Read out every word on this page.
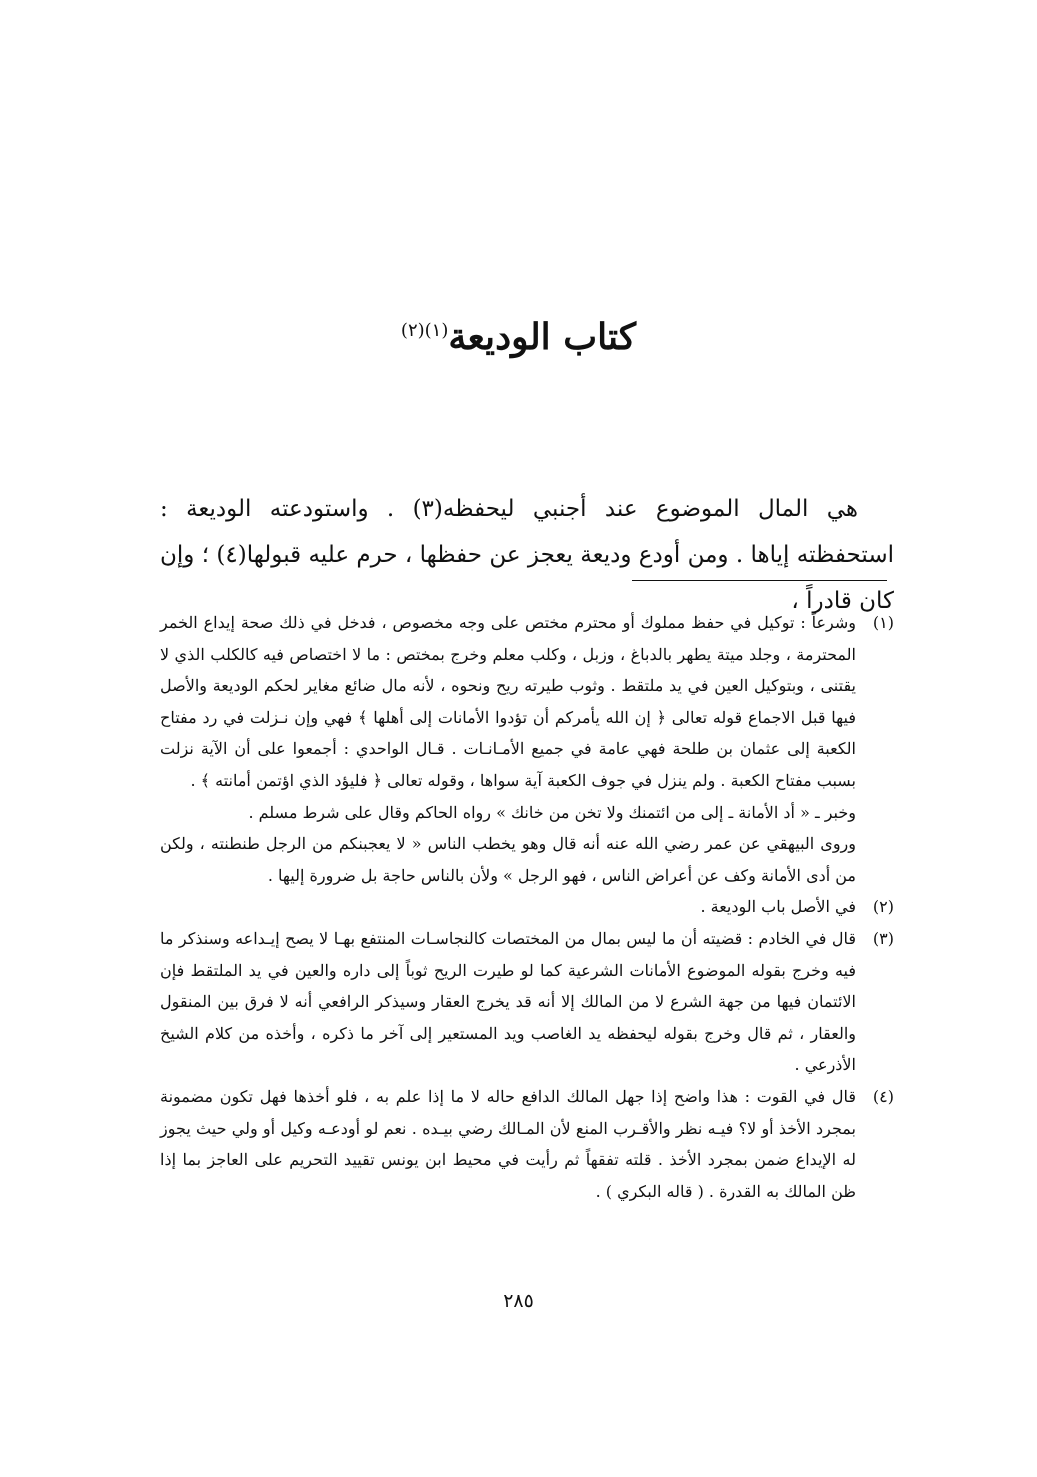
كتاب الوديعة$^{(١)(٢)}$

هي المال الموضوع عند أجنبي ليحفظه(٣) . واستودعته الوديعة : استحفظته إياها . ومن أودع وديعة يعجز عن حفظها ، حرم عليه قبولها(٤) ؛ وإن كان قادراً ،

(١)

وشرعاً : توكيل في حفظ مملوك أو محترم مختص على وجه مخصوص ، فدخل في ذلك صحة إيداع الخمر المحترمة ، وجلد ميتة يطهر بالدباغ ، وزبل ، وكلب معلم وخرج بمختص : ما لا اختصاص فيه كالكلب الذي لا يقتنى ، وبتوكيل العين في يد ملتقط . وثوب طيرته ريح ونحوه ، لأنه مال ضائع مغاير لحكم الوديعة والأصل فيها قبل الاجماع قوله تعالى ﴿ إن الله يأمركم أن تؤدوا الأمانات إلى أهلها ﴾ فهي وإن نـزلت في رد مفتاح الكعبة إلى عثمان بن طلحة فهي عامة في جميع الأمـانـات . قـال الواحدي : أجمعوا على أن الآية نزلت بسبب مفتاح الكعبة . ولم ينزل في جوف الكعبة آية سواها ، وقوله تعالى ﴿ فليؤد الذي اؤتمن أمانته ﴾ .

وخبر ـ « أد الأمانة ـ إلى من ائتمنك ولا تخن من خانك » رواه الحاكم وقال على شرط مسلم .

وروى البيهقي عن عمر رضي الله عنه أنه قال وهو يخطب الناس « لا يعجبنكم من الرجل طنطنته ، ولكن من أدى الأمانة وكف عن أعراض الناس ، فهو الرجل » ولأن بالناس حاجة بل ضرورة إليها .

(٢)

في الأصل باب الوديعة .

(٣)

قال في الخادم : قضيته أن ما ليس بمال من المختصات كالنجاسـات المنتفع بهـا لا يصح إيـداعه وسنذكر ما فيه وخرج بقوله الموضوع الأمانات الشرعية كما لو طيرت الريح ثوباً إلى داره والعين في يد الملتقط فإن الائتمان فيها من جهة الشرع لا من المالك إلا أنه قد يخرج العقار وسيذكر الرافعي أنه لا فرق بين المنقول والعقار ، ثم قال وخرج بقوله ليحفظه يد الغاصب ويد المستعير إلى آخر ما ذكره ، وأخذه من كلام الشيخ الأذرعي .

(٤)

قال في القوت : هذا واضح إذا جهل المالك الدافع حاله لا ما إذا علم به ، فلو أخذها فهل تكون مضمونة بمجرد الأخذ أو لا؟ فيـه نظر والأقـرب المنع لأن المـالك رضي بيـده . نعم لو أودعـه وكيل أو ولي حيث يجوز له الإيداع ضمن بمجرد الأخذ . قلته تفقهاً ثم رأيت في محيط ابن يونس تقييد التحريم على العاجز بما إذا ظن المالك به القدرة . ( قاله البكري ) .

٢٨٥
